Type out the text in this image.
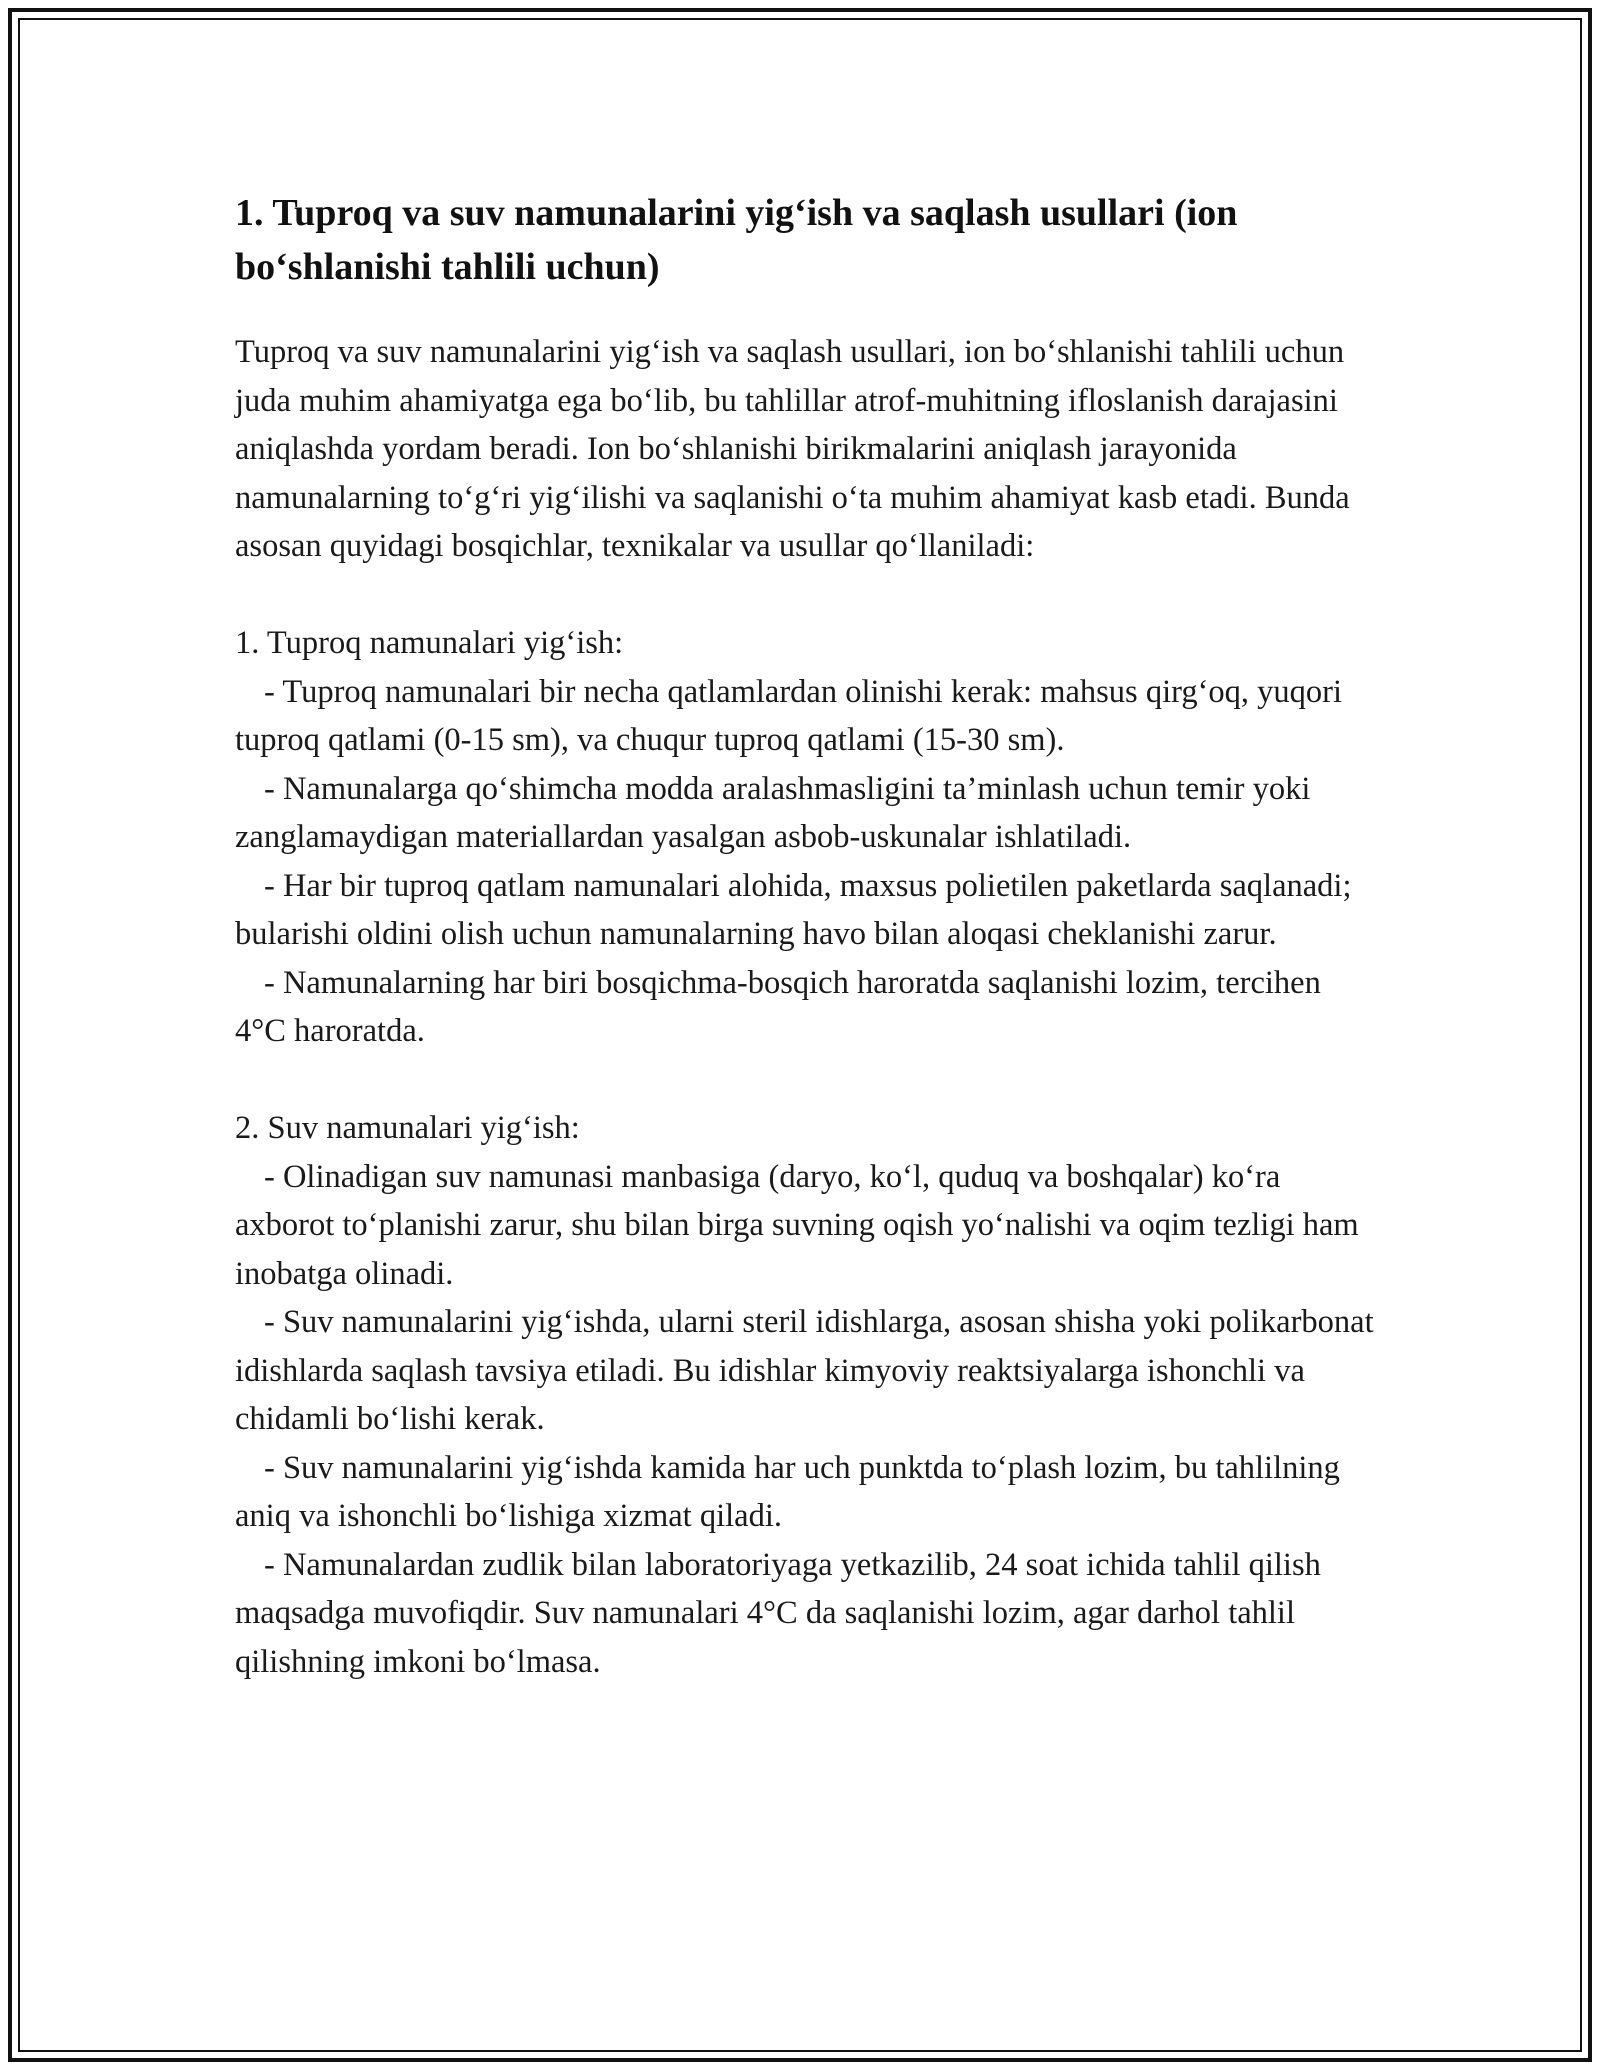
1. Tuproq va suv namunalarini yig‘ish va saqlash usullari (ion bo‘shlanishi tahlili uchun)

Tuproq va suv namunalarini yig‘ish va saqlash usullari, ion bo‘shlanishi tahlili uchun juda muhim ahamiyatga ega bo‘lib, bu tahlillar atrof-muhitning ifloslanish darajasini aniqlashda yordam beradi. Ion bo‘shlanishi birikmalarini aniqlash jarayonida namunalarning to‘g‘ri yig‘ilishi va saqlanishi o‘ta muhim ahamiyat kasb etadi. Bunda asosan quyidagi bosqichlar, texnikalar va usullar qo‘llaniladi:

1. Tuproq namunalari yig‘ish:

- Tuproq namunalari bir necha qatlamlardan olinishi kerak: mahsus qirg‘oq, yuqori tuproq qatlami (0-15 sm), va chuqur tuproq qatlami (15-30 sm).

- Namunalarga qo‘shimcha modda aralashmasligini ta’minlash uchun temir yoki zanglamaydigan materiallardan yasalgan asbob-uskunalar ishlatiladi.

- Har bir tuproq qatlam namunalari alohida, maxsus polietilen paketlarda saqlanadi; bularishi oldini olish uchun namunalarning havo bilan aloqasi cheklanishi zarur.

- Namunalarning har biri bosqichma-bosqich haroratda saqlanishi lozim, tercihen 4°C haroratda.

2. Suv namunalari yig‘ish:

- Olinadigan suv namunasi manbasiga (daryo, ko‘l, quduq va boshqalar) ko‘ra axborot to‘planishi zarur, shu bilan birga suvning oqish yo‘nalishi va oqim tezligi ham inobatga olinadi.

- Suv namunalarini yig‘ishda, ularni steril idishlarga, asosan shisha yoki polikarbonat idishlarda saqlash tavsiya etiladi. Bu idishlar kimyoviy reaktsiyalarga ishonchli va chidamli bo‘lishi kerak.

- Suv namunalarini yig‘ishda kamida har uch punktda to‘plash lozim, bu tahlilning aniq va ishonchli bo‘lishiga xizmat qiladi.

- Namunalardan zudlik bilan laboratoriyaga yetkazilib, 24 soat ichida tahlil qilish maqsadga muvofiqdir. Suv namunalari 4°C da saqlanishi lozim, agar darhol tahlil qilishning imkoni bo‘lmasa.
